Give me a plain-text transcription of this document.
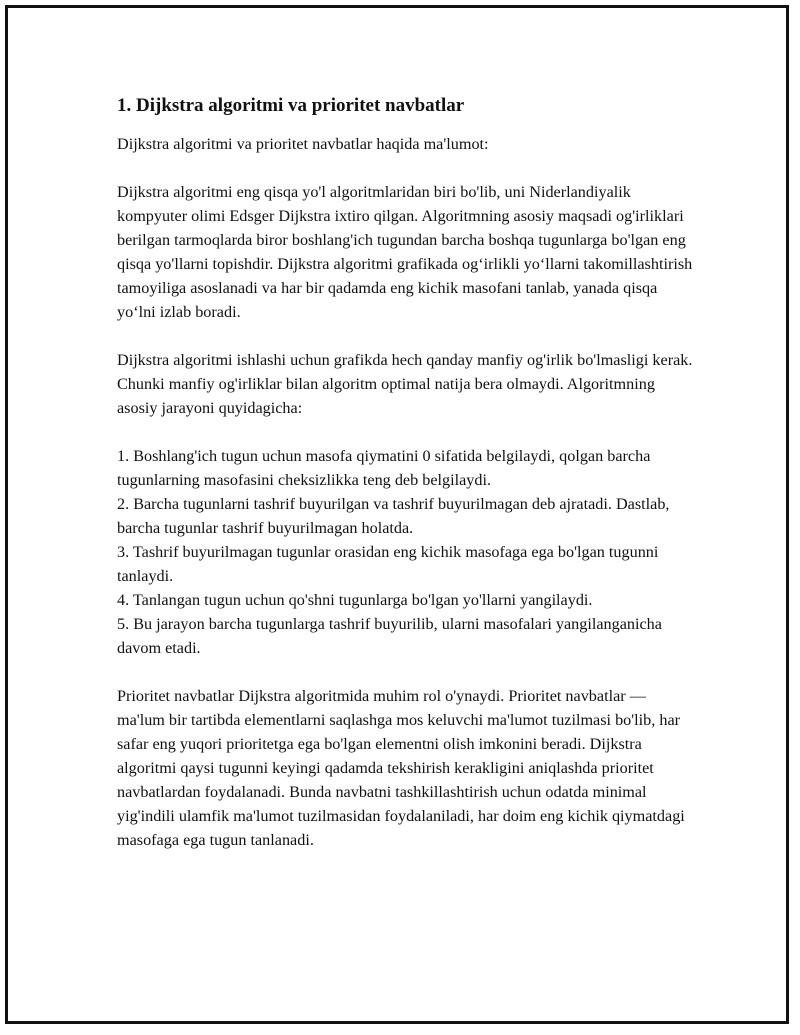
1. Dijkstra algoritmi va prioritet navbatlar

Dijkstra algoritmi va prioritet navbatlar haqida ma'lumot:

Dijkstra algoritmi eng qisqa yo'l algoritmlaridan biri bo'lib, uni Niderlandiyalik kompyuter olimi Edsger Dijkstra ixtiro qilgan. Algoritmning asosiy maqsadi og'irliklari berilgan tarmoqlarda biror boshlang'ich tugundan barcha boshqa tugunlarga bo'lgan eng qisqa yo'llarni topishdir. Dijkstra algoritmi grafikada og‘irlikli yo‘llarni takomillashtirish tamoyiliga asoslanadi va har bir qadamda eng kichik masofani tanlab, yanada qisqa yo‘lni izlab boradi.

Dijkstra algoritmi ishlashi uchun grafikda hech qanday manfiy og'irlik bo'lmasligi kerak. Chunki manfiy og'irliklar bilan algoritm optimal natija bera olmaydi. Algoritmning asosiy jarayoni quyidagicha:

1. Boshlang'ich tugun uchun masofa qiymatini 0 sifatida belgilaydi, qolgan barcha tugunlarning masofasini cheksizlikka teng deb belgilaydi.
2. Barcha tugunlarni tashrif buyurilgan va tashrif buyurilmagan deb ajratadi. Dastlab, barcha tugunlar tashrif buyurilmagan holatda.
3. Tashrif buyurilmagan tugunlar orasidan eng kichik masofaga ega bo'lgan tugunni tanlaydi.
4. Tanlangan tugun uchun qo'shni tugunlarga bo'lgan yo'llarni yangilaydi.
5. Bu jarayon barcha tugunlarga tashrif buyurilib, ularni masofalari yangilanganicha davom etadi.

Prioritet navbatlar Dijkstra algoritmida muhim rol o'ynaydi. Prioritet navbatlar — ma'lum bir tartibda elementlarni saqlashga mos keluvchi ma'lumot tuzilmasi bo'lib, har safar eng yuqori prioritetga ega bo'lgan elementni olish imkonini beradi. Dijkstra algoritmi qaysi tugunni keyingi qadamda tekshirish kerakligini aniqlashda prioritet navbatlardan foydalanadi. Bunda navbatni tashkillashtirish uchun odatda minimal yig'indili ulamfik ma'lumot tuzilmasidan foydalaniladi, har doim eng kichik qiymatdagi masofaga ega tugun tanlanadi.
